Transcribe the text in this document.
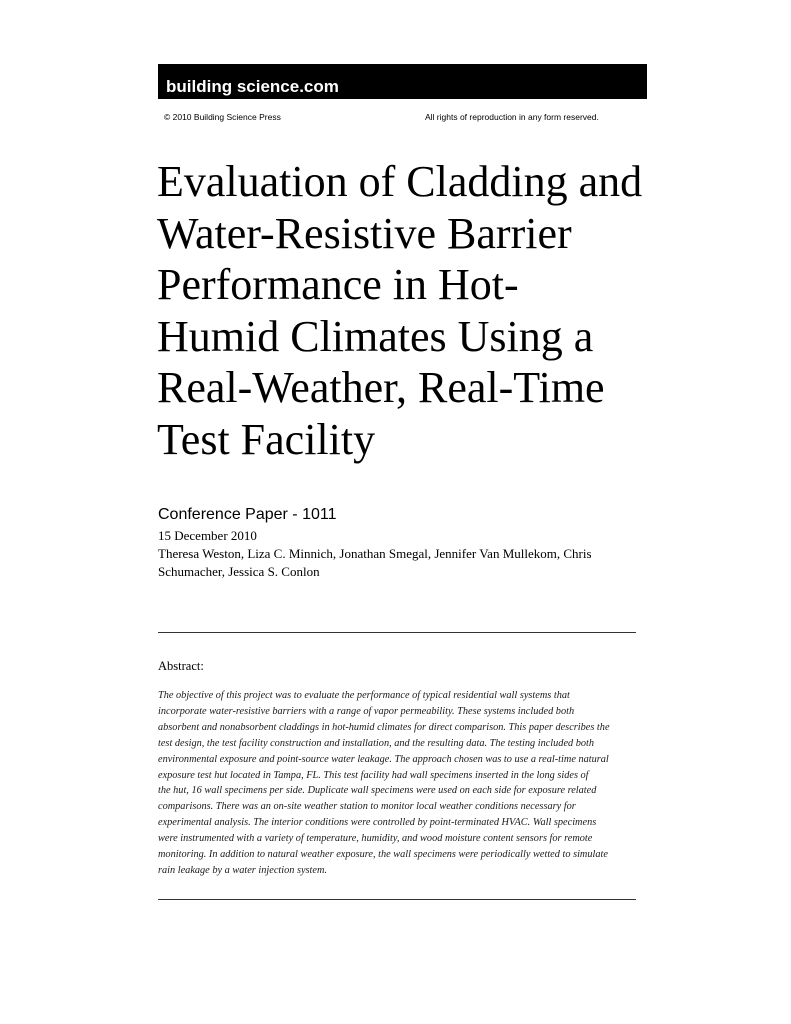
building science.com
© 2010 Building Science Press	All rights of reproduction in any form reserved.
Evaluation of Cladding and
Water-Resistive Barrier
Performance in Hot-
Humid Climates Using a
Real-Weather, Real-Time
Test Facility
Conference Paper - 1011
15 December 2010
Theresa Weston, Liza C. Minnich, Jonathan Smegal, Jennifer Van Mullekom, Chris
Schumacher, Jessica S. Conlon
Abstract:
The objective of this project was to evaluate the performance of typical residential wall systems that
incorporate water-resistive barriers with a range of vapor permeability. These systems included both
absorbent and nonabsorbent claddings in hot-humid climates for direct comparison. This paper describes the
test design, the test facility construction and installation, and the resulting data. The testing included both
environmental exposure and point-source water leakage. The approach chosen was to use a real-time natural
exposure test hut located in Tampa, FL. This test facility had wall specimens inserted in the long sides of
the hut, 16 wall specimens per side. Duplicate wall specimens were used on each side for exposure related
comparisons. There was an on-site weather station to monitor local weather conditions necessary for
experimental analysis. The interior conditions were controlled by point-terminated HVAC. Wall specimens
were instrumented with a variety of temperature, humidity, and wood moisture content sensors for remote
monitoring. In addition to natural weather exposure, the wall specimens were periodically wetted to simulate
rain leakage by a water injection system.
